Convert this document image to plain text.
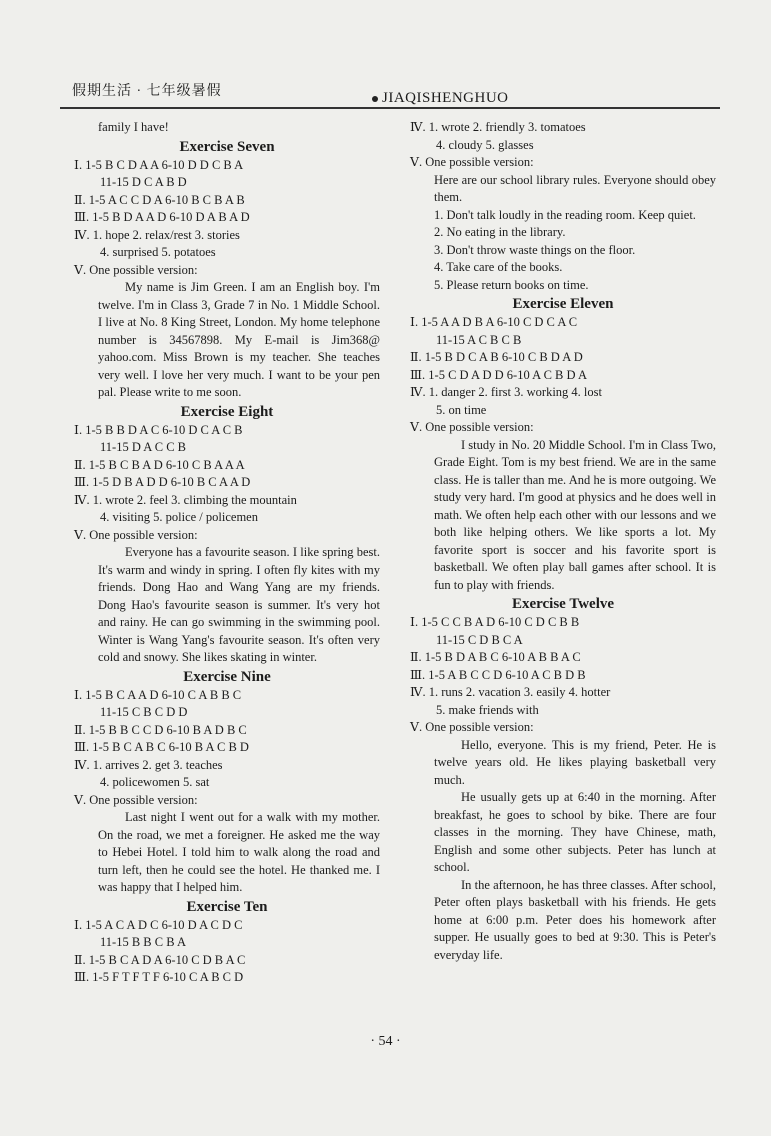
假期生活 · 七年级暑假	JIAQISHENGHUO
family I have!
Exercise Seven
Ⅰ. 1-5 B C D A A 6-10 D D C B A
11-15 D C A B D
Ⅱ. 1-5 A C C D A 6-10 B C B A B
Ⅲ. 1-5 B D A A D 6-10 D A B A D
Ⅳ. 1. hope 2. relax/rest 3. stories
4. surprised 5. potatoes
Ⅴ. One possible version:

My name is Jim Green. I am an English boy. I'm twelve. I'm in Class 3, Grade 7 in No. 1 Middle School. I live at No. 8 King Street, London. My home telephone number is 34567898. My E-mail is Jim368@ yahoo.com. Miss Brown is my teacher. She teaches very well. I love her very much. I want to be your pen pal. Please write to me soon.

Exercise Eight
Ⅰ. 1-5 B B D A C 6-10 D C A C B
11-15 D A C C B
Ⅱ. 1-5 B C B A D 6-10 C B A A A
Ⅲ. 1-5 D B A D D 6-10 B C A A D
Ⅳ. 1. wrote 2. feel 3. climbing the mountain
4. visiting 5. police / policemen
Ⅴ. One possible version:

Everyone has a favourite season. I like spring best. It's warm and windy in spring. I often fly kites with my friends. Dong Hao and Wang Yang are my friends. Dong Hao's favourite season is summer. It's very hot and rainy. He can go swimming in the swimming pool. Winter is Wang Yang's favourite season. It's often very cold and snowy. She likes skating in winter.

Exercise Nine
Ⅰ. 1-5 B C A A D 6-10 C A B B C
11-15 C B C D D
Ⅱ. 1-5 B B C C D 6-10 B A D B C
Ⅲ. 1-5 B C A B C 6-10 B A C B D
Ⅳ. 1. arrives 2. get 3. teaches
4. policewomen 5. sat
Ⅴ. One possible version:

Last night I went out for a walk with my mother. On the road, we met a foreigner. He asked me the way to Hebei Hotel. I told him to walk along the road and turn left, then he could see the hotel. He thanked me. I was happy that I helped him.

Exercise Ten
Ⅰ. 1-5 A C A D C 6-10 D A C D C
11-15 B B C B A
Ⅱ. 1-5 B C A D A 6-10 C D B A C
Ⅲ. 1-5 F T F T F 6-10 C A B C D
Ⅳ. 1. wrote 2. friendly 3. tomatoes
4. cloudy 5. glasses
Ⅴ. One possible version:

Here are our school library rules. Everyone should obey them.

1. Don't talk loudly in the reading room. Keep quiet.

2. No eating in the library.
3. Don't throw waste things on the floor.
4. Take care of the books.
5. Please return books on time.
Exercise Eleven
Ⅰ. 1-5 A A D B A 6-10 C D C A C
11-15 A C B C B
Ⅱ. 1-5 B D C A B 6-10 C B D A D
Ⅲ. 1-5 C D A D D 6-10 A C B D A
Ⅳ. 1. danger 2. first 3. working 4. lost
5. on time
Ⅴ. One possible version:

I study in No. 20 Middle School. I'm in Class Two, Grade Eight. Tom is my best friend. We are in the same class. He is taller than me. And he is more outgoing. We study very hard. I'm good at physics and he does well in math. We often help each other with our lessons and we both like helping others. We like sports a lot. My favorite sport is soccer and his favorite sport is basketball. We often play ball games after school. It is fun to play with friends.

Exercise Twelve
Ⅰ. 1-5 C C B A D 6-10 C D C B B
11-15 C D B C A
Ⅱ. 1-5 B D A B C 6-10 A B B A C
Ⅲ. 1-5 A B C C D 6-10 A C B D B
Ⅳ. 1. runs 2. vacation 3. easily 4. hotter
5. make friends with
Ⅴ. One possible version:

Hello, everyone. This is my friend, Peter. He is twelve years old. He likes playing basketball very much.

He usually gets up at 6:40 in the morning. After breakfast, he goes to school by bike. There are four classes in the morning. They have Chinese, math, English and some other subjects. Peter has lunch at school.

In the afternoon, he has three classes. After school, Peter often plays basketball with his friends. He gets home at 6:00 p.m. Peter does his homework after supper. He usually goes to bed at 9:30. This is Peter's everyday life.

· 54 ·
